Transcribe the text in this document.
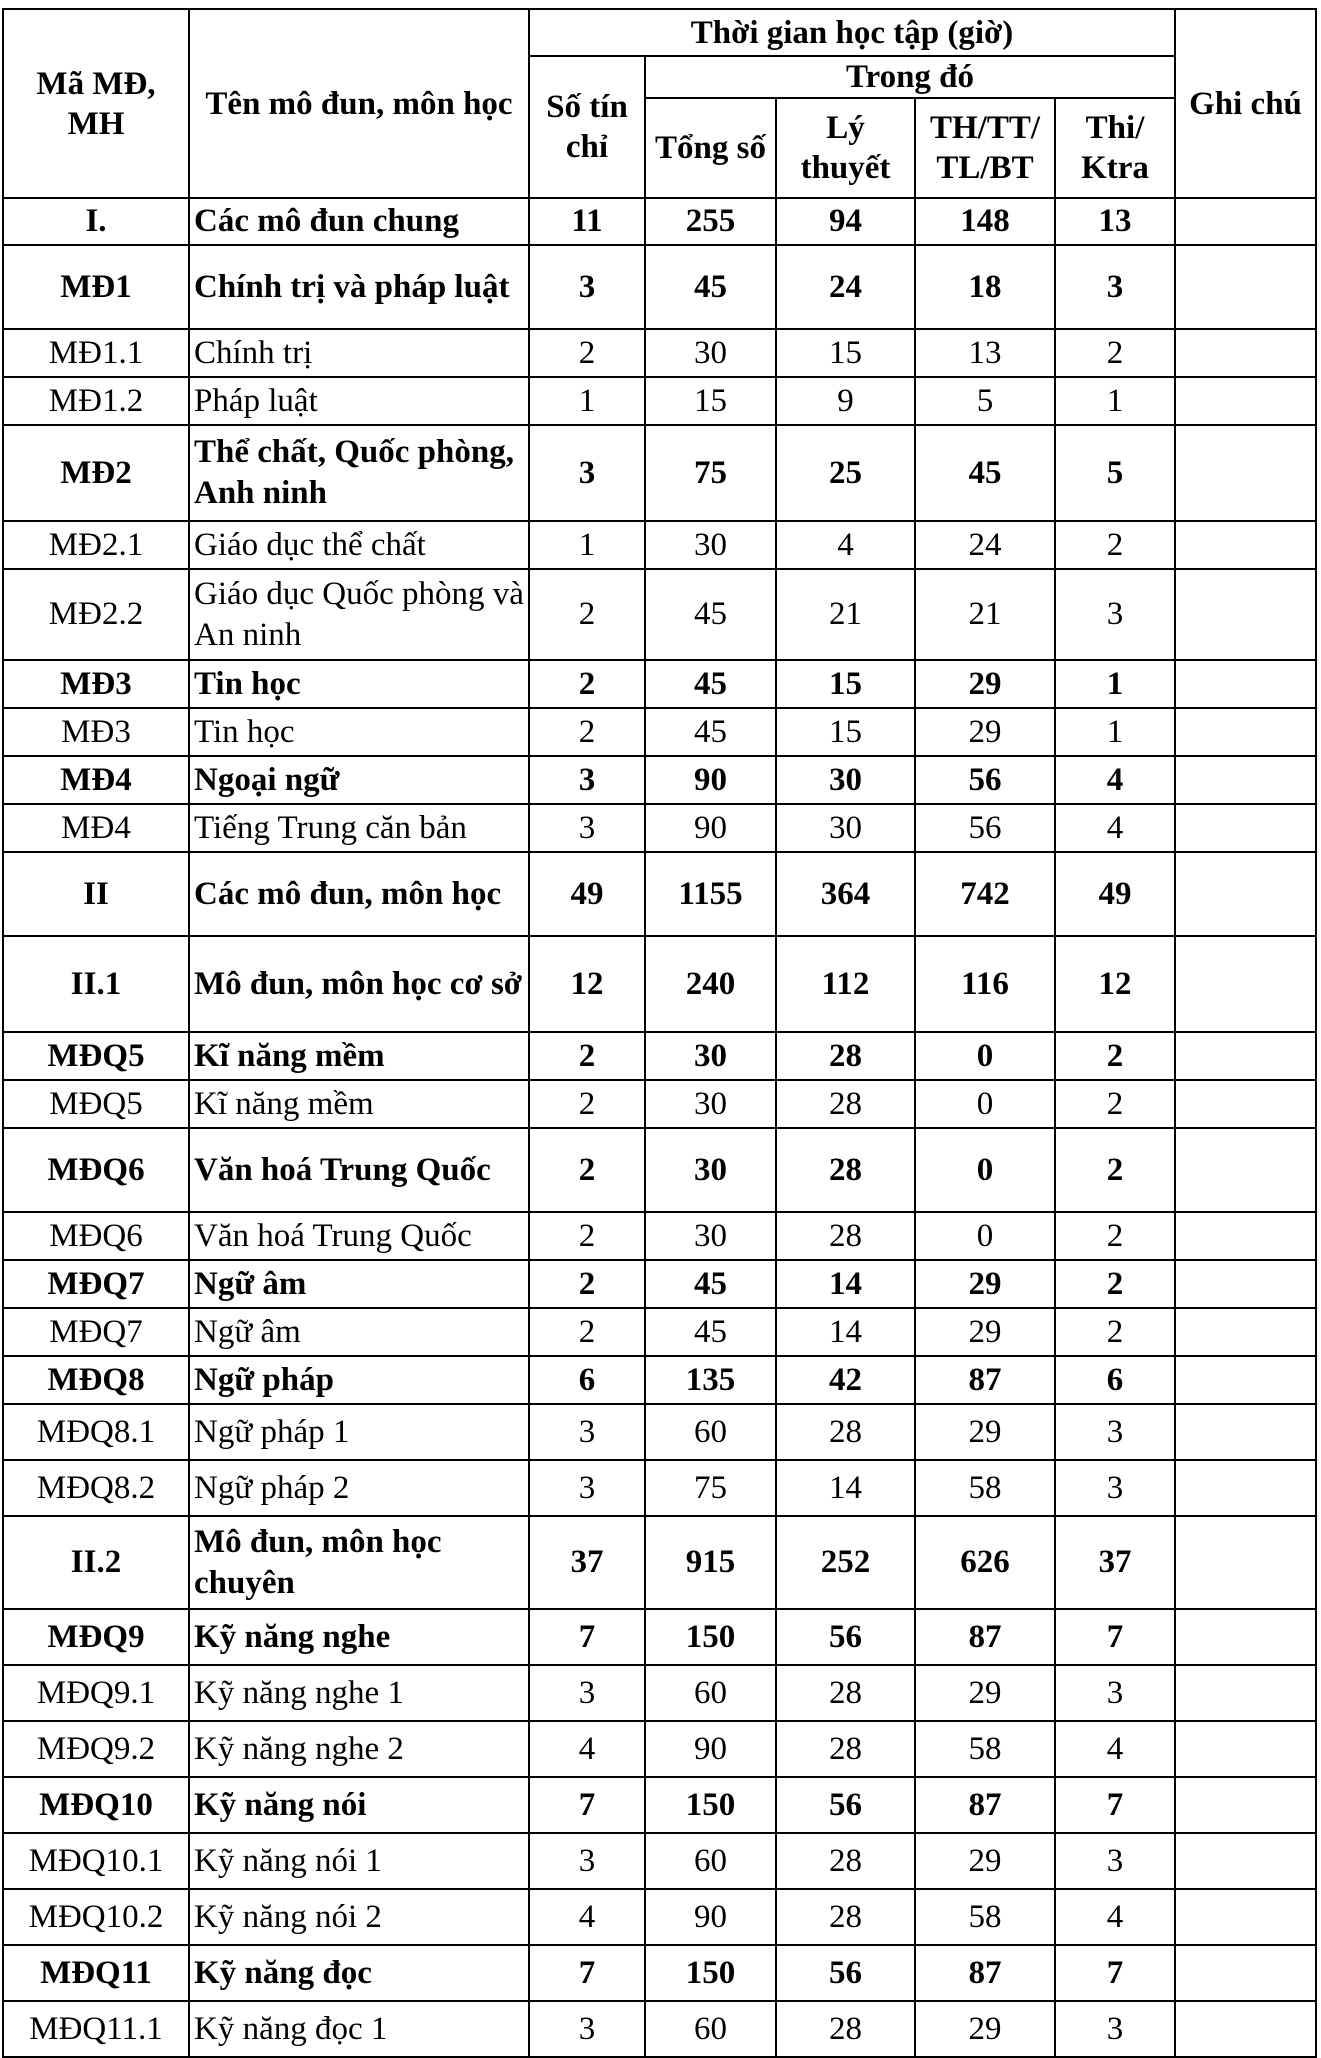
Mã MĐ, MH	Tên mô đun, môn học	Thời gian học tập (giờ)					Ghi chú
		Số tín chỉ	Trong đó				
			Tổng số	Lý thuyết	TH/TT/ TL/BT	Thi/ Ktra	
I.	Các mô đun chung	11	255	94	148	13	
MĐ1	Chính trị và pháp luật	3	45	24	18	3	
MĐ1.1	Chính trị	2	30	15	13	2	
MĐ1.2	Pháp luật	1	15	9	5	1	
MĐ2	Thể chất, Quốc phòng, Anh ninh	3	75	25	45	5	
MĐ2.1	Giáo dục thể chất	1	30	4	24	2	
MĐ2.2	Giáo dục Quốc phòng và An ninh	2	45	21	21	3	
MĐ3	Tin học	2	45	15	29	1	
MĐ3	Tin học	2	45	15	29	1	
MĐ4	Ngoại ngữ	3	90	30	56	4	
MĐ4	Tiếng Trung căn bản	3	90	30	56	4	
II	Các mô đun, môn học	49	1155	364	742	49	
II.1	Mô đun, môn học cơ sở	12	240	112	116	12	
MĐQ5	Kĩ năng mềm	2	30	28	0	2	
MĐQ5	Kĩ năng mềm	2	30	28	0	2	
MĐQ6	Văn hoá Trung Quốc	2	30	28	0	2	
MĐQ6	Văn hoá Trung Quốc	2	30	28	0	2	
MĐQ7	Ngữ âm	2	45	14	29	2	
MĐQ7	Ngữ âm	2	45	14	29	2	
MĐQ8	Ngữ pháp	6	135	42	87	6	
MĐQ8.1	Ngữ pháp 1	3	60	28	29	3	
MĐQ8.2	Ngữ pháp 2	3	75	14	58	3	
II.2	Mô đun, môn học chuyên	37	915	252	626	37	
MĐQ9	Kỹ năng nghe	7	150	56	87	7	
MĐQ9.1	Kỹ năng nghe 1	3	60	28	29	3	
MĐQ9.2	Kỹ năng nghe 2	4	90	28	58	4	
MĐQ10	Kỹ năng nói	7	150	56	87	7	
MĐQ10.1	Kỹ năng nói 1	3	60	28	29	3	
MĐQ10.2	Kỹ năng nói 2	4	90	28	58	4	
MĐQ11	Kỹ năng đọc	7	150	56	87	7	
MĐQ11.1	Kỹ năng đọc 1	3	60	28	29	3	
